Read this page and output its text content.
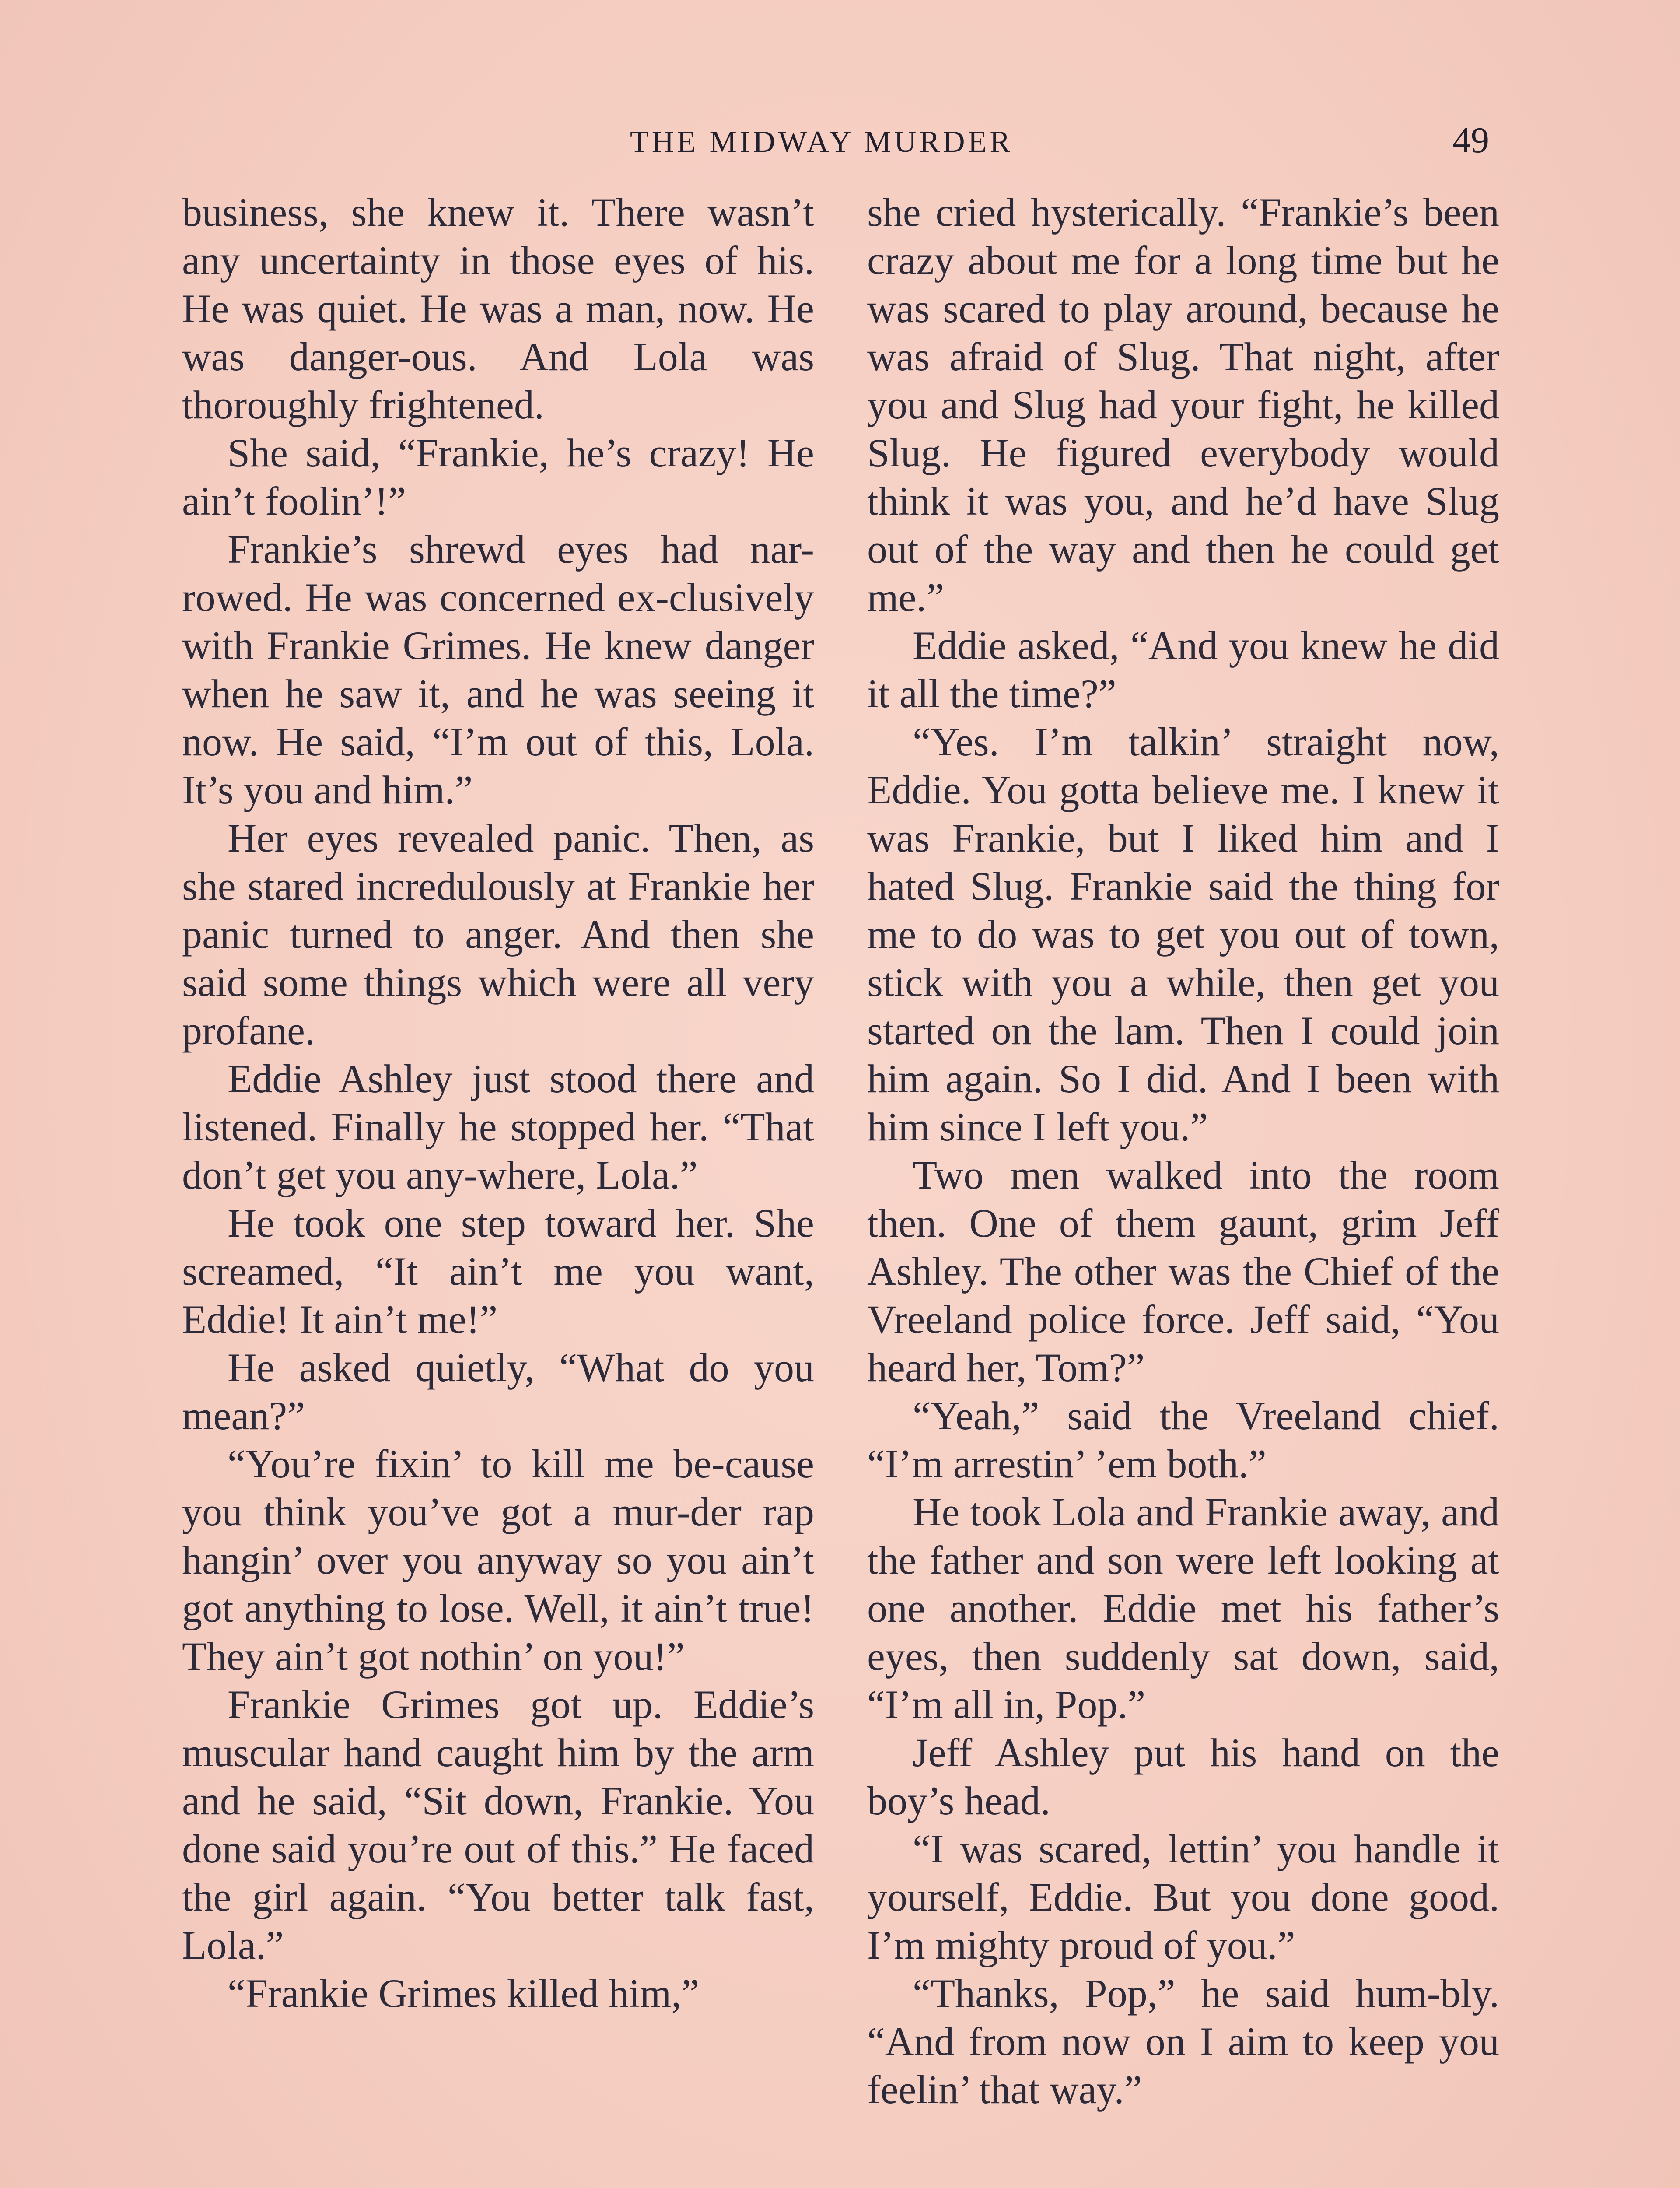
THE MIDWAY MURDER	49

business, she knew it. There wasn’t any uncertainty in those eyes of his. He was quiet. He was a man, now. He was danger-ous. And Lola was thoroughly frightened.

She said, “Frankie, he’s crazy! He ain’t foolin’!”

Frankie’s shrewd eyes had nar-rowed. He was concerned ex-clusively with Frankie Grimes. He knew danger when he saw it, and he was seeing it now. He said, “I’m out of this, Lola. It’s you and him.”

Her eyes revealed panic. Then, as she stared incredulously at Frankie her panic turned to anger. And then she said some things which were all very profane.

Eddie Ashley just stood there and listened. Finally he stopped her. “That don’t get you any-where, Lola.”

He took one step toward her. She screamed, “It ain’t me you want, Eddie! It ain’t me!”

He asked quietly, “What do you mean?”

“You’re fixin’ to kill me be-cause you think you’ve got a mur-der rap hangin’ over you anyway so you ain’t got anything to lose. Well, it ain’t true! They ain’t got nothin’ on you!”

Frankie Grimes got up. Eddie’s muscular hand caught him by the arm and he said, “Sit down, Frankie. You done said you’re out of this.” He faced the girl again. “You better talk fast, Lola.”

“Frankie Grimes killed him,”

she cried hysterically. “Frankie’s been crazy about me for a long time but he was scared to play around, because he was afraid of Slug. That night, after you and Slug had your fight, he killed Slug. He figured everybody would think it was you, and he’d have Slug out of the way and then he could get me.”

Eddie asked, “And you knew he did it all the time?”

“Yes. I’m talkin’ straight now, Eddie. You gotta believe me. I knew it was Frankie, but I liked him and I hated Slug. Frankie said the thing for me to do was to get you out of town, stick with you a while, then get you started on the lam. Then I could join him again. So I did. And I been with him since I left you.”

Two men walked into the room then. One of them gaunt, grim Jeff Ashley. The other was the Chief of the Vreeland police force. Jeff said, “You heard her, Tom?”

“Yeah,” said the Vreeland chief. “I’m arrestin’ ’em both.”

He took Lola and Frankie away, and the father and son were left looking at one another. Eddie met his father’s eyes, then suddenly sat down, said, “I’m all in, Pop.”

Jeff Ashley put his hand on the boy’s head.

“I was scared, lettin’ you handle it yourself, Eddie. But you done good. I’m mighty proud of you.”

“Thanks, Pop,” he said hum-bly. “And from now on I aim to keep you feelin’ that way.”
